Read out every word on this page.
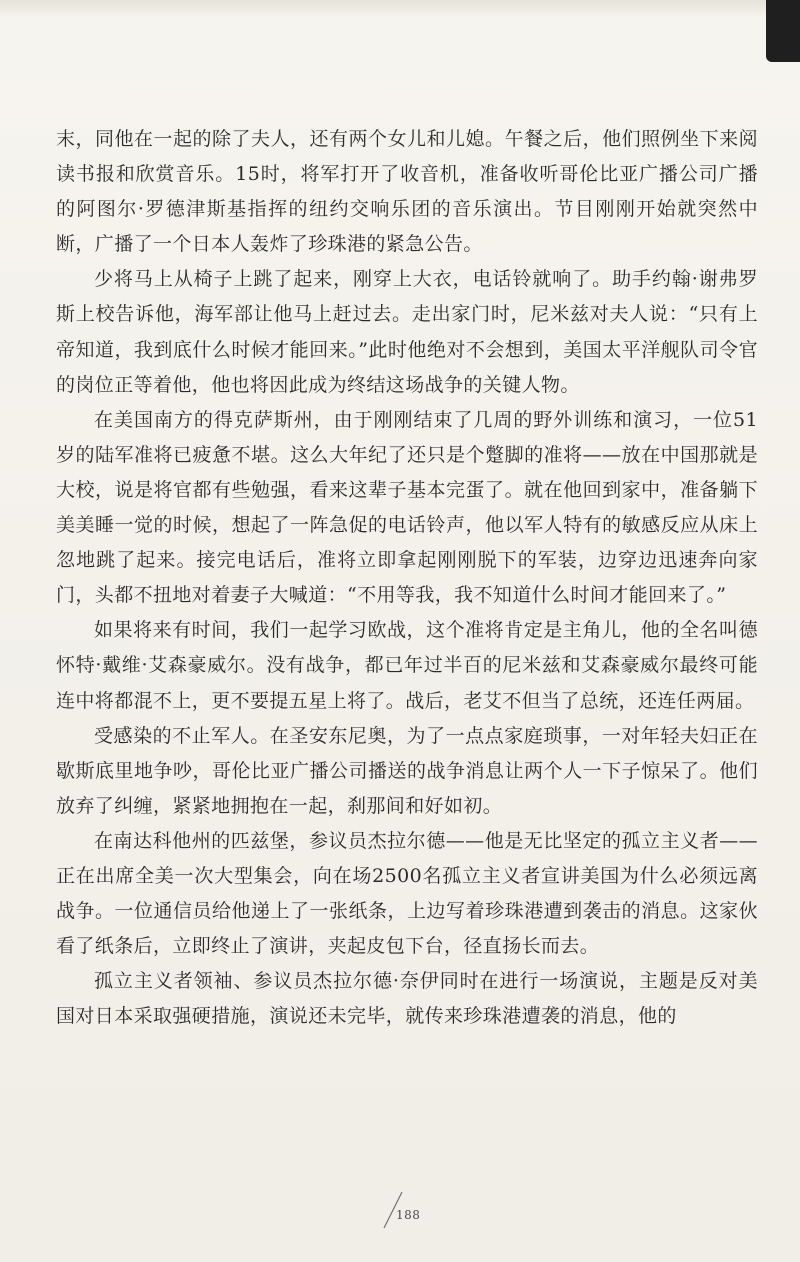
末，同他在一起的除了夫人，还有两个女儿和儿媳。午餐之后，他们照例坐下来阅读书报和欣赏音乐。15时，将军打开了收音机，准备收听哥伦比亚广播公司广播的阿图尔·罗德津斯基指挥的纽约交响乐团的音乐演出。节目刚刚开始就突然中断，广播了一个日本人轰炸了珍珠港的紧急公告。

少将马上从椅子上跳了起来，刚穿上大衣，电话铃就响了。助手约翰·谢弗罗斯上校告诉他，海军部让他马上赶过去。走出家门时，尼米兹对夫人说：“只有上帝知道，我到底什么时候才能回来。”此时他绝对不会想到，美国太平洋舰队司令官的岗位正等着他，他也将因此成为终结这场战争的关键人物。

在美国南方的得克萨斯州，由于刚刚结束了几周的野外训练和演习，一位51岁的陆军准将已疲惫不堪。这么大年纪了还只是个蹩脚的准将——放在中国那就是大校，说是将官都有些勉强，看来这辈子基本完蛋了。就在他回到家中，准备躺下美美睡一觉的时候，想起了一阵急促的电话铃声，他以军人特有的敏感反应从床上忽地跳了起来。接完电话后，准将立即拿起刚刚脱下的军装，边穿边迅速奔向家门，头都不扭地对着妻子大喊道：“不用等我，我不知道什么时间才能回来了。”

如果将来有时间，我们一起学习欧战，这个准将肯定是主角儿，他的全名叫德怀特·戴维·艾森豪威尔。没有战争，都已年过半百的尼米兹和艾森豪威尔最终可能连中将都混不上，更不要提五星上将了。战后，老艾不但当了总统，还连任两届。

受感染的不止军人。在圣安东尼奥，为了一点点家庭琐事，一对年轻夫妇正在歇斯底里地争吵，哥伦比亚广播公司播送的战争消息让两个人一下子惊呆了。他们放弃了纠缠，紧紧地拥抱在一起，刹那间和好如初。

在南达科他州的匹兹堡，参议员杰拉尔德——他是无比坚定的孤立主义者——正在出席全美一次大型集会，向在场2500名孤立主义者宣讲美国为什么必须远离战争。一位通信员给他递上了一张纸条，上边写着珍珠港遭到袭击的消息。这家伙看了纸条后，立即终止了演讲，夹起皮包下台，径直扬长而去。

孤立主义者领袖、参议员杰拉尔德·奈伊同时在进行一场演说，主题是反对美国对日本采取强硬措施，演说还未完毕，就传来珍珠港遭袭的消息，他的

188
